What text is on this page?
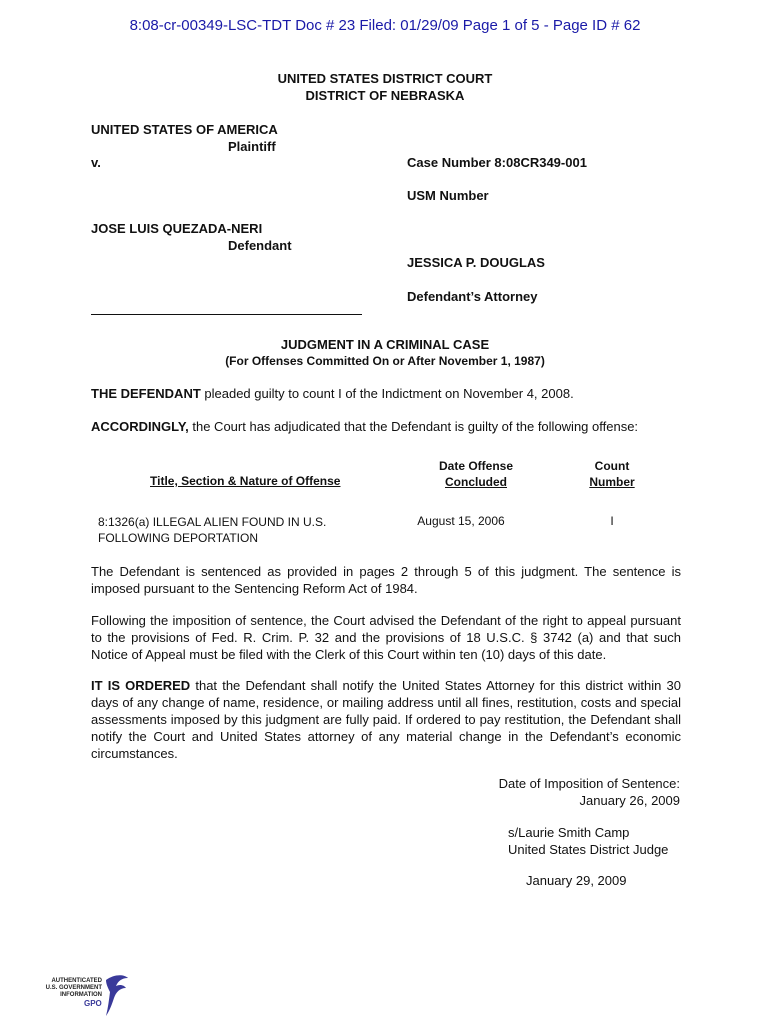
8:08-cr-00349-LSC-TDT Doc # 23 Filed: 01/29/09 Page 1 of 5 - Page ID # 62
UNITED STATES DISTRICT COURT
DISTRICT OF NEBRASKA
UNITED STATES OF AMERICA
Plaintiff
v.	Case Number 8:08CR349-001
USM Number
JOSE LUIS QUEZADA-NERI
Defendant
JESSICA P. DOUGLAS
Defendant’s Attorney
JUDGMENT IN A CRIMINAL CASE
(For Offenses Committed On or After November 1, 1987)
THE DEFENDANT pleaded guilty to count I of the Indictment on November 4, 2008.
ACCORDINGLY, the Court has adjudicated that the Defendant is guilty of the following offense:
Title, Section & Nature of Offense
Date Offense
Concluded
Count
Number
8:1326(a) ILLEGAL ALIEN FOUND IN U.S.
FOLLOWING DEPORTATION
August 15, 2006	I
The Defendant is sentenced as provided in pages 2 through 5 of this judgment. The sentence is imposed pursuant to the Sentencing Reform Act of 1984.
Following the imposition of sentence, the Court advised the Defendant of the right to appeal pursuant to the provisions of Fed. R. Crim. P. 32 and the provisions of 18 U.S.C. § 3742 (a) and that such Notice of Appeal must be filed with the Clerk of this Court within ten (10) days of this date.
IT IS ORDERED that the Defendant shall notify the United States Attorney for this district within 30 days of any change of name, residence, or mailing address until all fines, restitution, costs and special assessments imposed by this judgment are fully paid. If ordered to pay restitution, the Defendant shall notify the Court and United States attorney of any material change in the Defendant’s economic circumstances.
Date of Imposition of Sentence:
January 26, 2009
s/Laurie Smith Camp
United States District Judge
January 29, 2009
AUTHENTICATED
U.S. GOVERNMENT
INFORMATION
GPO
